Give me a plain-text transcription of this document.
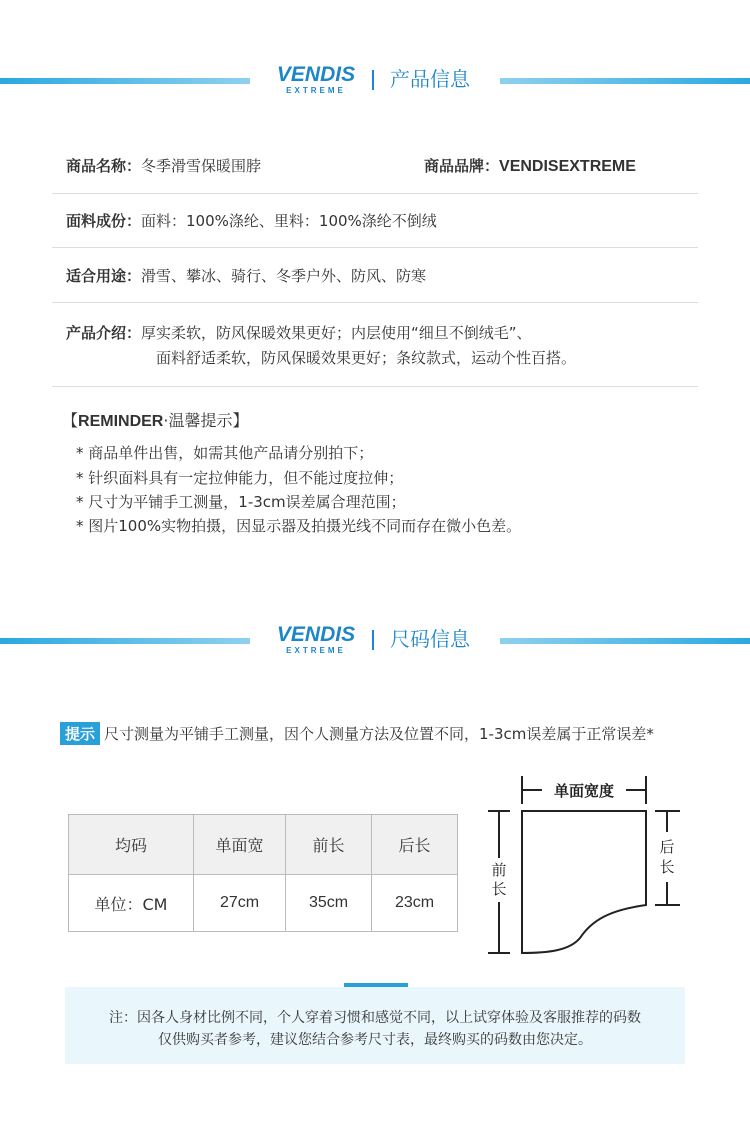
VENDIS
EXTREME	产品信息
商品名称：冬季滑雪保暖围脖	商品品牌：VENDISEXTREME
面料成份：面料：100%涤纶、里料：100%涤纶不倒绒
适合用途：滑雪、攀冰、骑行、冬季户外、防风、防寒
产品介绍：厚实柔软，防风保暖效果更好；内层使用“细旦不倒绒毛”、
面料舒适柔软，防风保暖效果更好；条纹款式，运动个性百搭。
【REMINDER·温馨提示】
* 商品单件出售，如需其他产品请分别拍下；
* 针织面料具有一定拉伸能力，但不能过度拉伸；
* 尺寸为平铺手工测量，1-3cm误差属合理范围；
* 图片100%实物拍摄，因显示器及拍摄光线不同而存在微小色差。
VENDIS
EXTREME	尺码信息
提示 尺寸测量为平铺手工测量，因个人测量方法及位置不同，1-3cm误差属于正常误差*
均码	单面宽	前长	后长
单位：CM	27cm	35cm	23cm
单面宽度
前
长
后
长
注：因各人身材比例不同，个人穿着习惯和感觉不同，以上试穿体验及客服推荐的码数
仅供购买者参考，建议您结合参考尺寸表，最终购买的码数由您决定。
